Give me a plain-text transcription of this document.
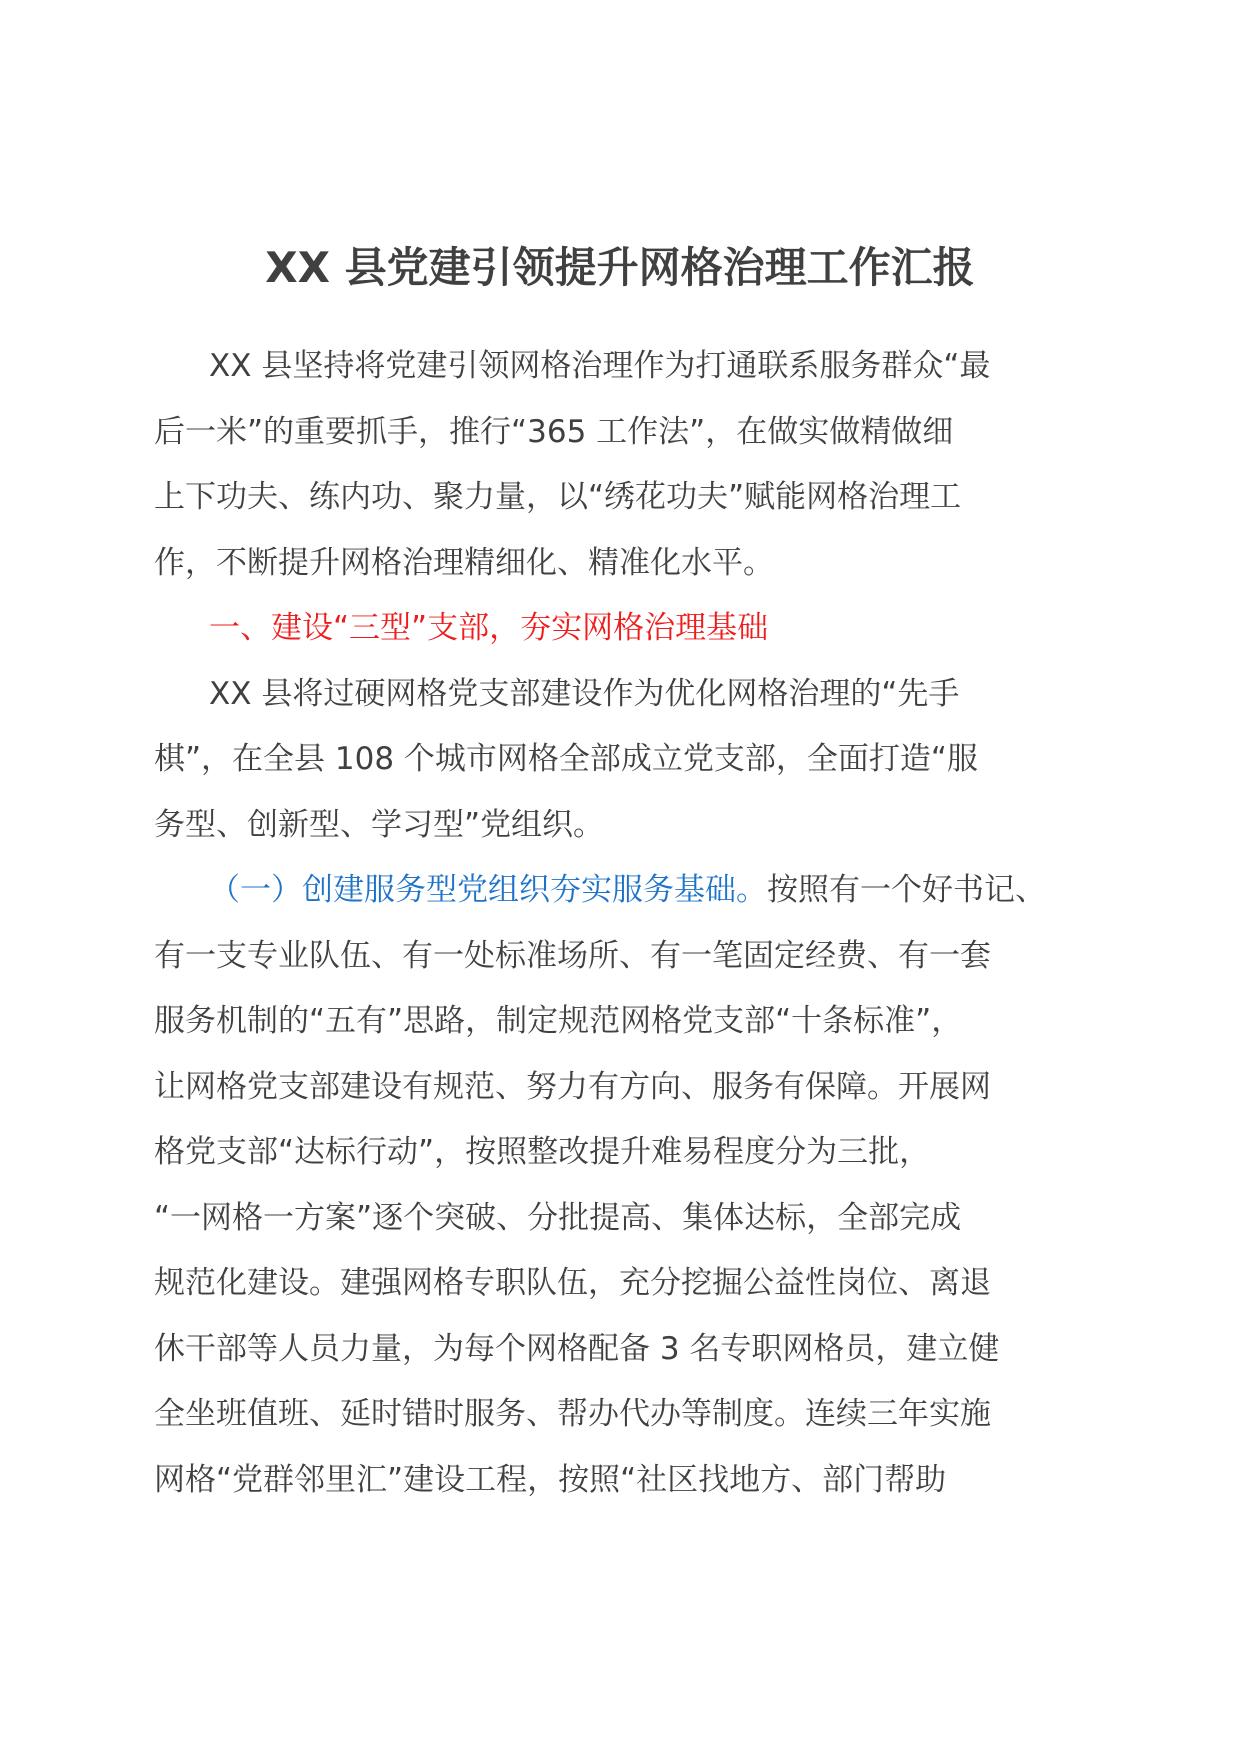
XX 县党建引领提升网格治理工作汇报

XX 县坚持将党建引领网格治理作为打通联系服务群众“最

后一米”的重要抓手，推行“365 工作法”，在做实做精做细

上下功夫、练内功、聚力量，以“绣花功夫”赋能网格治理工

作，不断提升网格治理精细化、精准化水平。

一、建设“三型”支部，夯实网格治理基础

XX 县将过硬网格党支部建设作为优化网格治理的“先手

棋”，在全县 108 个城市网格全部成立党支部，全面打造“服

务型、创新型、学习型”党组织。

（一）创建服务型党组织夯实服务基础。按照有一个好书记、

有一支专业队伍、有一处标准场所、有一笔固定经费、有一套

服务机制的“五有”思路，制定规范网格党支部“十条标准”，

让网格党支部建设有规范、努力有方向、服务有保障。开展网

格党支部“达标行动”，按照整改提升难易程度分为三批，

“一网格一方案”逐个突破、分批提高、集体达标，全部完成

规范化建设。建强网格专职队伍，充分挖掘公益性岗位、离退

休干部等人员力量，为每个网格配备 3 名专职网格员，建立健

全坐班值班、延时错时服务、帮办代办等制度。连续三年实施

网格“党群邻里汇”建设工程，按照“社区找地方、部门帮助
